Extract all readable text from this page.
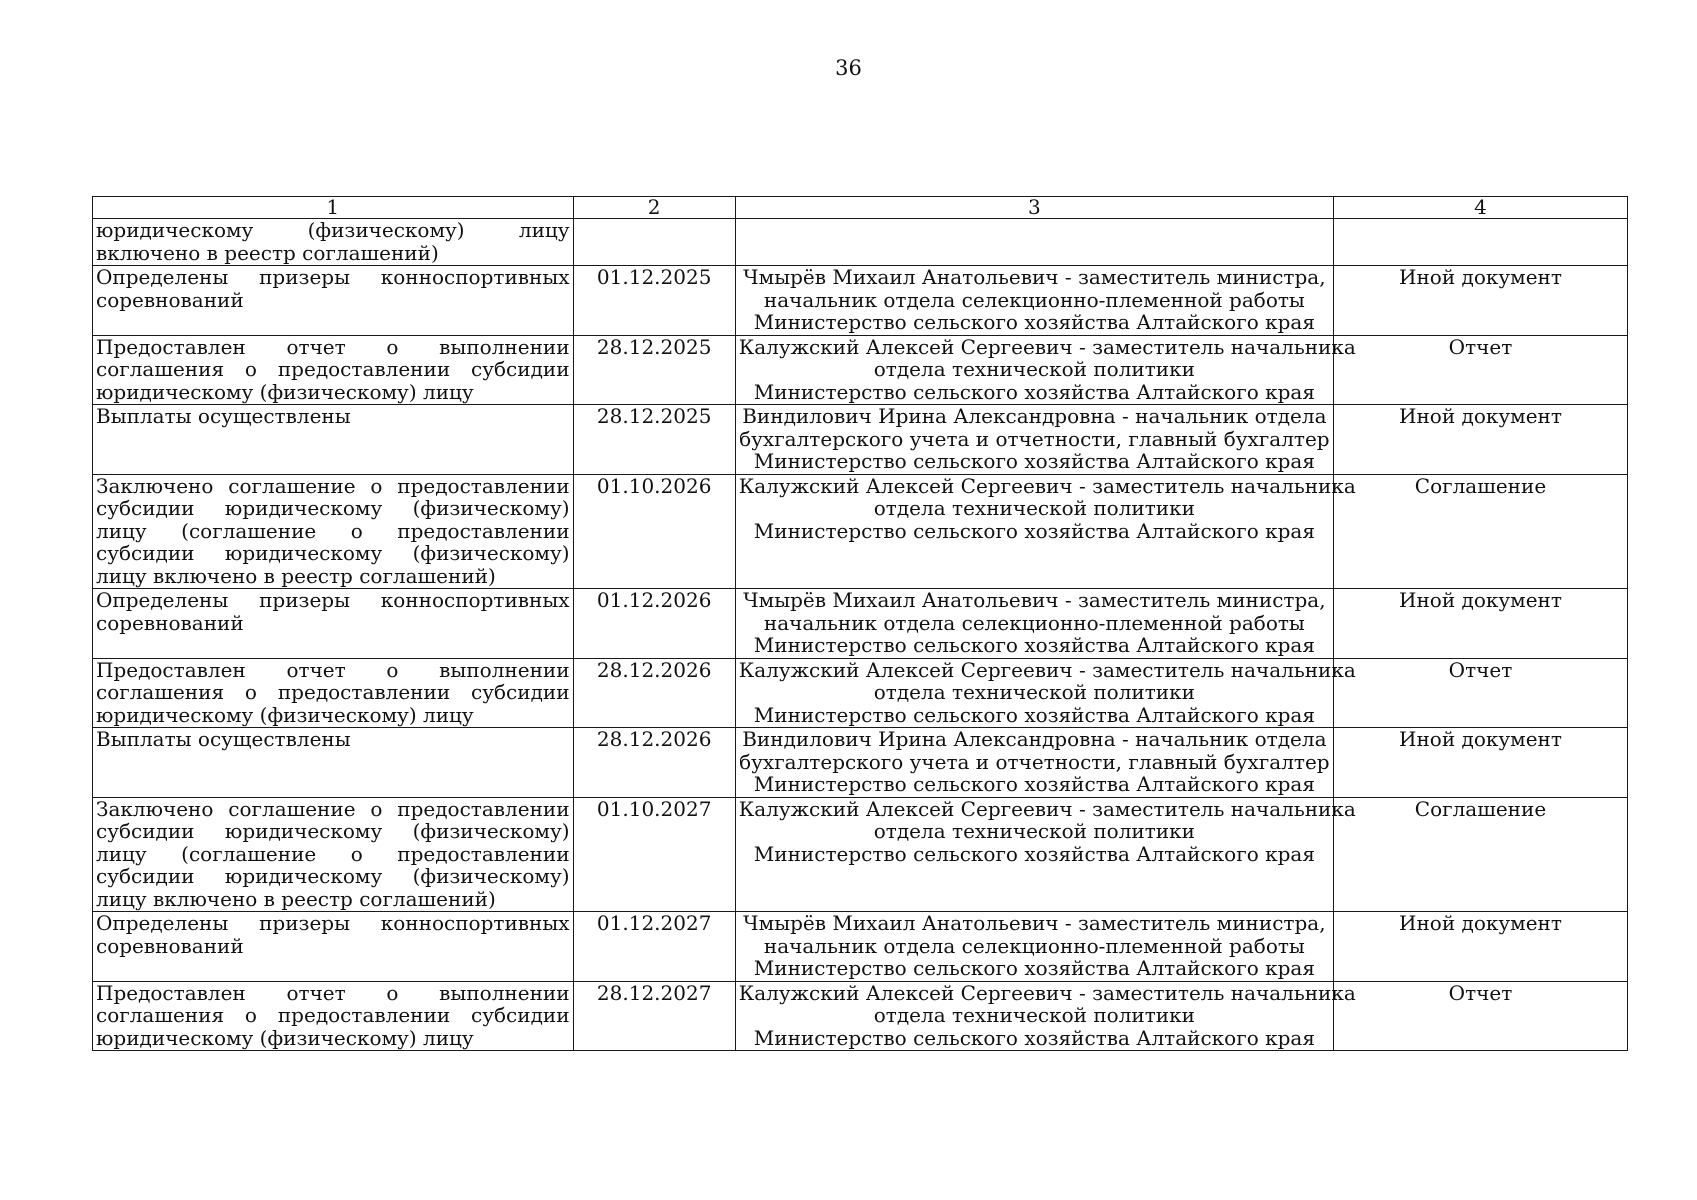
36
1	2	3	4
юридическому (физическому) лицу включено в реестр соглашений)			
Определены призеры конноспортивных соревнований	01.12.2025	Чмырёв Михаил Анатольевич - заместитель министра,
начальник отдела селекционно-племенной работы
Министерство сельского хозяйства Алтайского края	Иной документ
Предоставлен отчет о выполнении соглашения о предоставлении субсидии юридическому (физическому) лицу	28.12.2025	Калужский Алексей Сергеевич - заместитель начальника
отдела технической политики
Министерство сельского хозяйства Алтайского края	Отчет
Выплаты осуществлены	28.12.2025	Виндилович Ирина Александровна - начальник отдела
бухгалтерского учета и отчетности, главный бухгалтер
Министерство сельского хозяйства Алтайского края	Иной документ
Заключено соглашение о предоставлении субсидии юридическому (физическому) лицу (соглашение о предоставлении субсидии юридическому (физическому) лицу включено в реестр соглашений)	01.10.2026	Калужский Алексей Сергеевич - заместитель начальника
отдела технической политики
Министерство сельского хозяйства Алтайского края	Соглашение
Определены призеры конноспортивных соревнований	01.12.2026	Чмырёв Михаил Анатольевич - заместитель министра,
начальник отдела селекционно-племенной работы
Министерство сельского хозяйства Алтайского края	Иной документ
Предоставлен отчет о выполнении соглашения о предоставлении субсидии юридическому (физическому) лицу	28.12.2026	Калужский Алексей Сергеевич - заместитель начальника
отдела технической политики
Министерство сельского хозяйства Алтайского края	Отчет
Выплаты осуществлены	28.12.2026	Виндилович Ирина Александровна - начальник отдела
бухгалтерского учета и отчетности, главный бухгалтер
Министерство сельского хозяйства Алтайского края	Иной документ
Заключено соглашение о предоставлении субсидии юридическому (физическому) лицу (соглашение о предоставлении субсидии юридическому (физическому) лицу включено в реестр соглашений)	01.10.2027	Калужский Алексей Сергеевич - заместитель начальника
отдела технической политики
Министерство сельского хозяйства Алтайского края	Соглашение
Определены призеры конноспортивных соревнований	01.12.2027	Чмырёв Михаил Анатольевич - заместитель министра,
начальник отдела селекционно-племенной работы
Министерство сельского хозяйства Алтайского края	Иной документ
Предоставлен отчет о выполнении соглашения о предоставлении субсидии юридическому (физическому) лицу	28.12.2027	Калужский Алексей Сергеевич - заместитель начальника
отдела технической политики
Министерство сельского хозяйства Алтайского края	Отчет
